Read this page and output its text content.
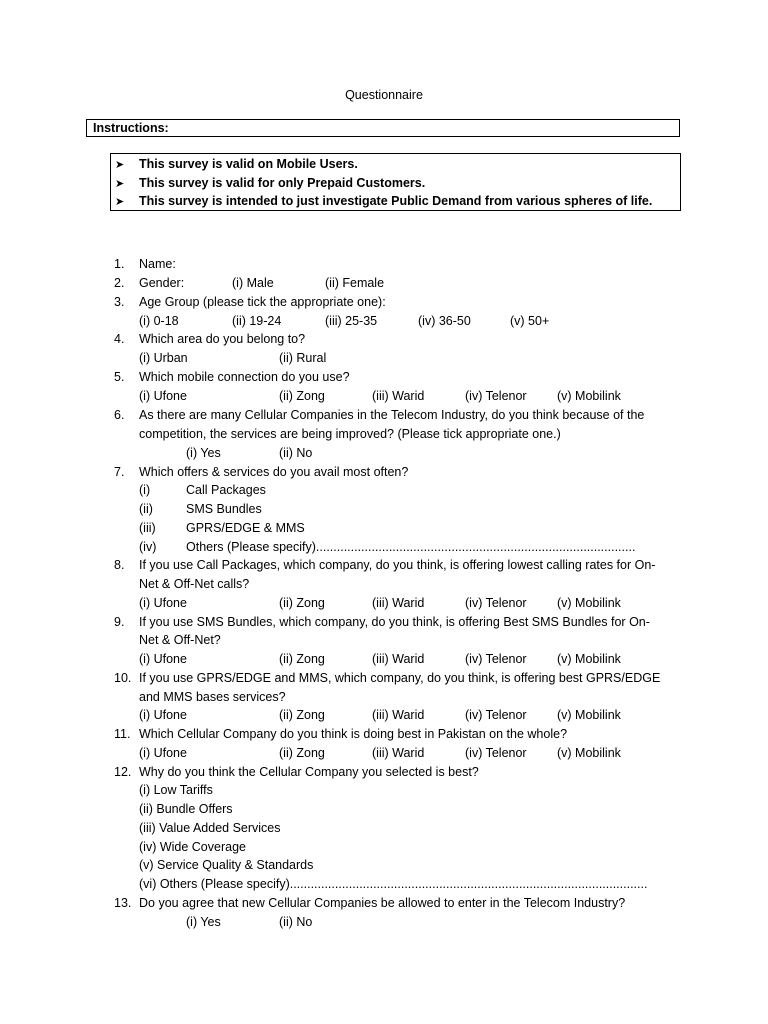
Questionnaire
Instructions:
➤ This survey is valid on Mobile Users.
➤ This survey is valid for only Prepaid Customers.
➤ This survey is intended to just investigate Public Demand from various spheres of life.
1.	Name:
2.	Gender:	(i) Male	(ii) Female
3.	Age Group (please tick the appropriate one):
(i) 0-18	(ii) 19-24	(iii) 25-35	(iv) 36-50	(v) 50+
4.	Which area do you belong to?
(i) Urban	(ii) Rural
5.	Which mobile connection do you use?
(i) Ufone	(ii) Zong	(iii) Warid	(iv) Telenor (v) Mobilink
6.	As there are many Cellular Companies in the Telecom Industry, do you think because of the
competition, the services are being improved? (Please tick appropriate one.)
(i) Yes	(ii) No
7.	Which offers & services do you avail most often?
(i)	Call Packages
(ii)	SMS Bundles
(iii) GPRS/EDGE & MMS
(iv) Others (Please specify)............................................................................................
8.	If you use Call Packages, which company, do you think, is offering lowest calling rates for On-
Net & Off-Net calls?
(i) Ufone	(ii) Zong	(iii) Warid	(iv) Telenor (v) Mobilink
9.	If you use SMS Bundles, which company, do you think, is offering Best SMS Bundles for On-
Net & Off-Net?
(i) Ufone	(ii) Zong	(iii) Warid	(iv) Telenor (v) Mobilink
10. If you use GPRS/EDGE and MMS, which company, do you think, is offering best GPRS/EDGE
and MMS bases services?
(i) Ufone	(ii) Zong	(iii) Warid	(iv) Telenor (v) Mobilink
11. Which Cellular Company do you think is doing best in Pakistan on the whole?
(i) Ufone	(ii) Zong	(iii) Warid	(iv) Telenor (v) Mobilink
12. Why do you think the Cellular Company you selected is best?
(i) Low Tariffs
(ii) Bundle Offers
(iii) Value Added Services
(iv) Wide Coverage
(v) Service Quality & Standards
(vi) Others (Please specify).......................................................................................................
13. Do you agree that new Cellular Companies be allowed to enter in the Telecom Industry?
(i) Yes	(ii) No
